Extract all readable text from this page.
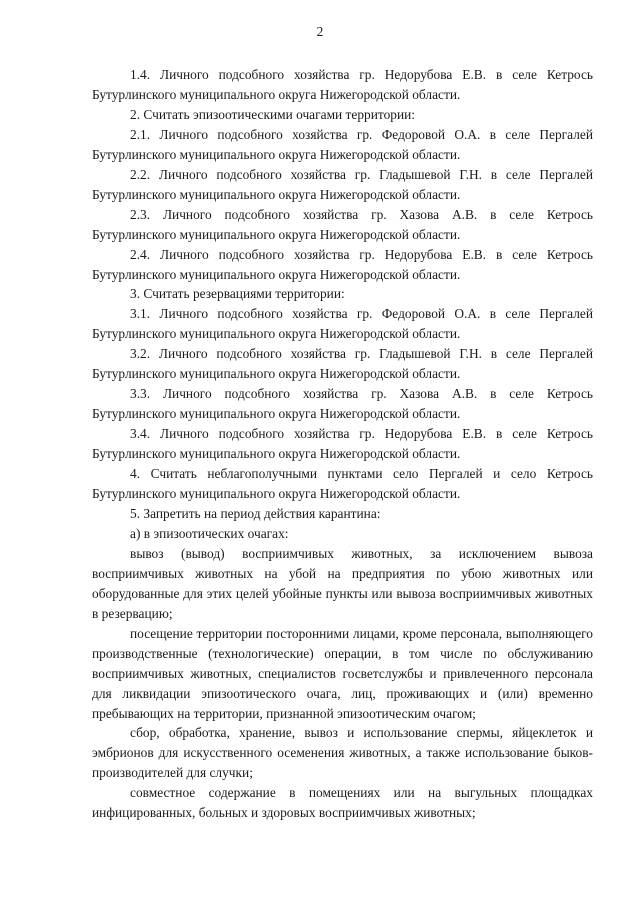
2

1.4. Личного подсобного хозяйства гр. Недорубова Е.В. в селе Кетрось Бутурлинского муниципального округа Нижегородской области.

2. Считать эпизоотическими очагами территории:

2.1. Личного подсобного хозяйства гр. Федоровой О.А. в селе Пергалей Бутурлинского муниципального округа Нижегородской области.

2.2. Личного подсобного хозяйства гр. Гладышевой Г.Н. в селе Пергалей Бутурлинского муниципального округа Нижегородской области.

2.3. Личного подсобного хозяйства гр. Хазова А.В. в селе Кетрось Бутурлинского муниципального округа Нижегородской области.

2.4. Личного подсобного хозяйства гр. Недорубова Е.В. в селе Кетрось Бутурлинского муниципального округа Нижегородской области.

3. Считать резервациями территории:

3.1. Личного подсобного хозяйства гр. Федоровой О.А. в селе Пергалей Бутурлинского муниципального округа Нижегородской области.

3.2. Личного подсобного хозяйства гр. Гладышевой Г.Н. в селе Пергалей Бутурлинского муниципального округа Нижегородской области.

3.3. Личного подсобного хозяйства гр. Хазова А.В. в селе Кетрось Бутурлинского муниципального округа Нижегородской области.

3.4. Личного подсобного хозяйства гр. Недорубова Е.В. в селе Кетрось Бутурлинского муниципального округа Нижегородской области.

4. Считать неблагополучными пунктами село Пергалей и село Кетрось Бутурлинского муниципального округа Нижегородской области.

5. Запретить на период действия карантина:

а) в эпизоотических очагах:

вывоз (вывод) восприимчивых животных, за исключением вывоза восприимчивых животных на убой на предприятия по убою животных или оборудованные для этих целей убойные пункты или вывоза восприимчивых животных в резервацию;

посещение территории посторонними лицами, кроме персонала, выполняющего производственные (технологические) операции, в том числе по обслуживанию восприимчивых животных, специалистов госветслужбы и привлеченного персонала для ликвидации эпизоотического очага, лиц, проживающих и (или) временно пребывающих на территории, признанной эпизоотическим очагом;

сбор, обработка, хранение, вывоз и использование спермы, яйцеклеток и эмбрионов для искусственного осеменения животных, а также использование быков-производителей для случки;

совместное содержание в помещениях или на выгульных площадках инфицированных, больных и здоровых восприимчивых животных;
